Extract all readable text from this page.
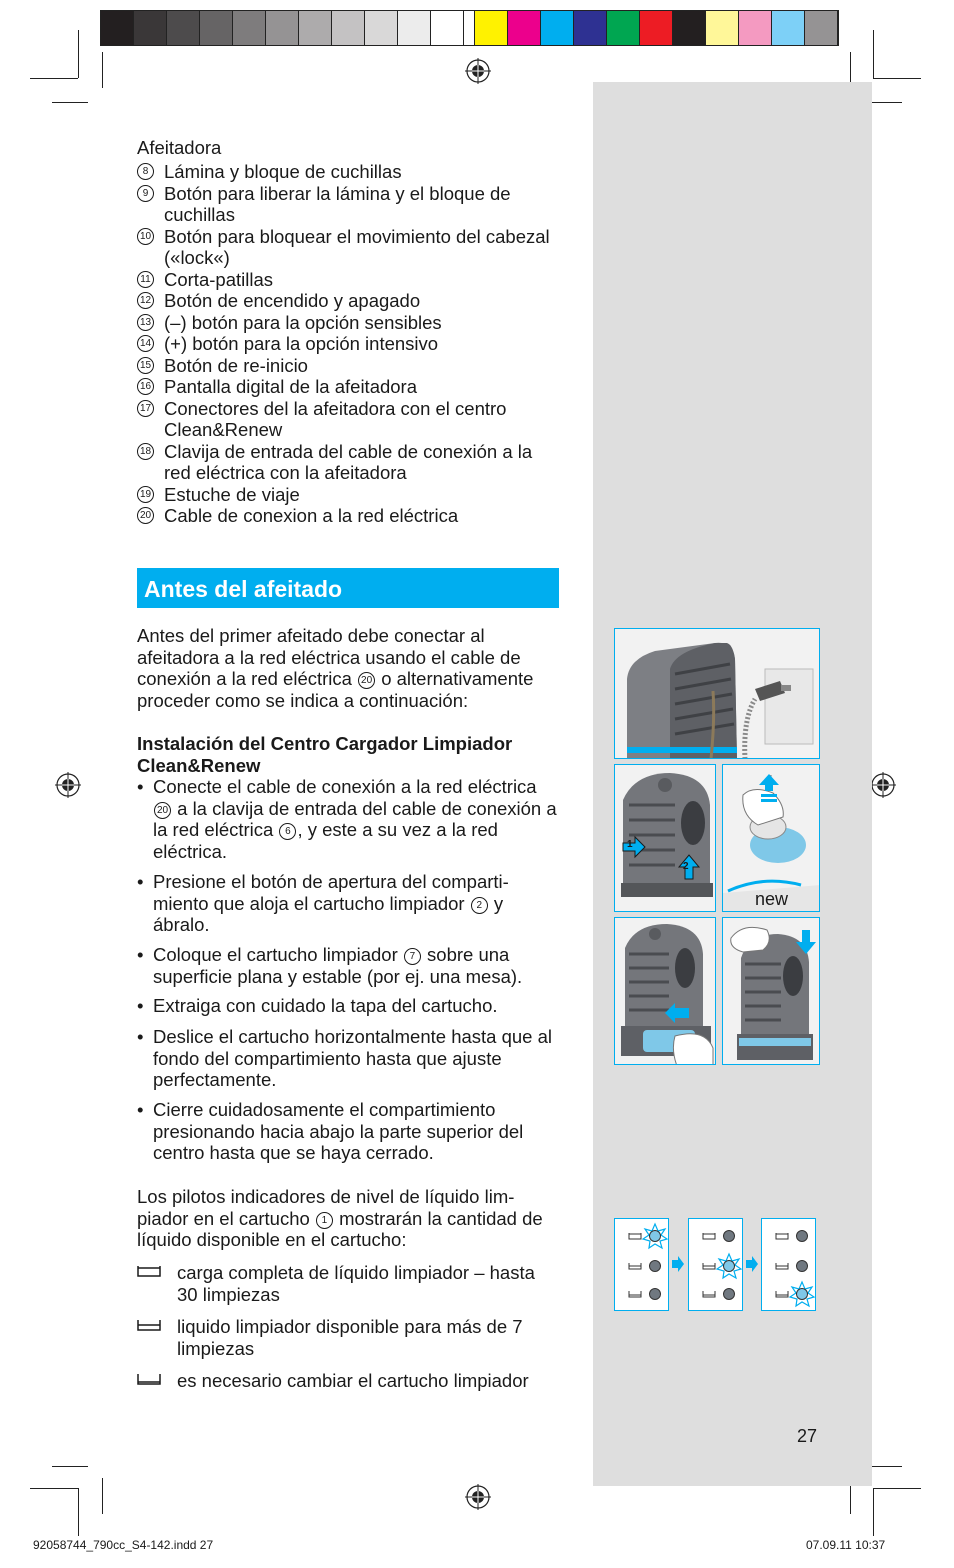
Afeitadora
8 Lámina y bloque de cuchillas
9 Botón para liberar la lámina y el bloque de cuchillas
10 Botón para bloquear el movimiento del cabezal («lock«)
11 Corta-patillas
12 Botón de encendido y apagado
13 (–) botón para la opción sensibles
14 (+) botón para la opción intensivo
15 Botón de re-inicio
16 Pantalla digital de la afeitadora
17 Conectores del la afeitadora con el centro Clean&Renew
18 Clavija de entrada del cable de conexión a la red eléctrica con la afeitadora
19 Estuche de viaje
20 Cable de conexion a la red eléctrica
Antes del afeitado
Antes del primer afeitado debe conectar al afeitadora a la red eléctrica usando el cable de conexión a la red eléctrica 20 o alternativamente proceder como se indica a continuación:
Instalación del Centro Cargador Limpiador Clean&Renew
• Conecte el cable de conexión a la red eléctrica 20 a la clavija de entrada del cable de conexión a la red eléctrica 6 , y este a su vez a la red eléctrica.
• Presione el botón de apertura del comparti-miento que aloja el cartucho limpiador 2 y ábralo.
• Coloque el cartucho limpiador 7 sobre una superficie plana y estable (por ej. una mesa).
• Extraiga con cuidado la tapa del cartucho.
• Deslice el cartucho horizontalmente hasta que al fondo del compartimiento hasta que ajuste perfectamente.
• Cierre cuidadosamente el compartimiento presionando hacia abajo la parte superior del centro hasta que se haya cerrado.
Los pilotos indicadores de nivel de líquido lim-piador en el cartucho 1 mostrarán la cantidad de líquido disponible en el cartucho:
carga completa de líquido limpiador – hasta 30 limpiezas
liquido limpiador disponible para más de 7 limpiezas
es necesario cambiar el cartucho limpiador
1
2
new
27
92058744_790cc_S4-142.indd 27	07.09.11 10:37
